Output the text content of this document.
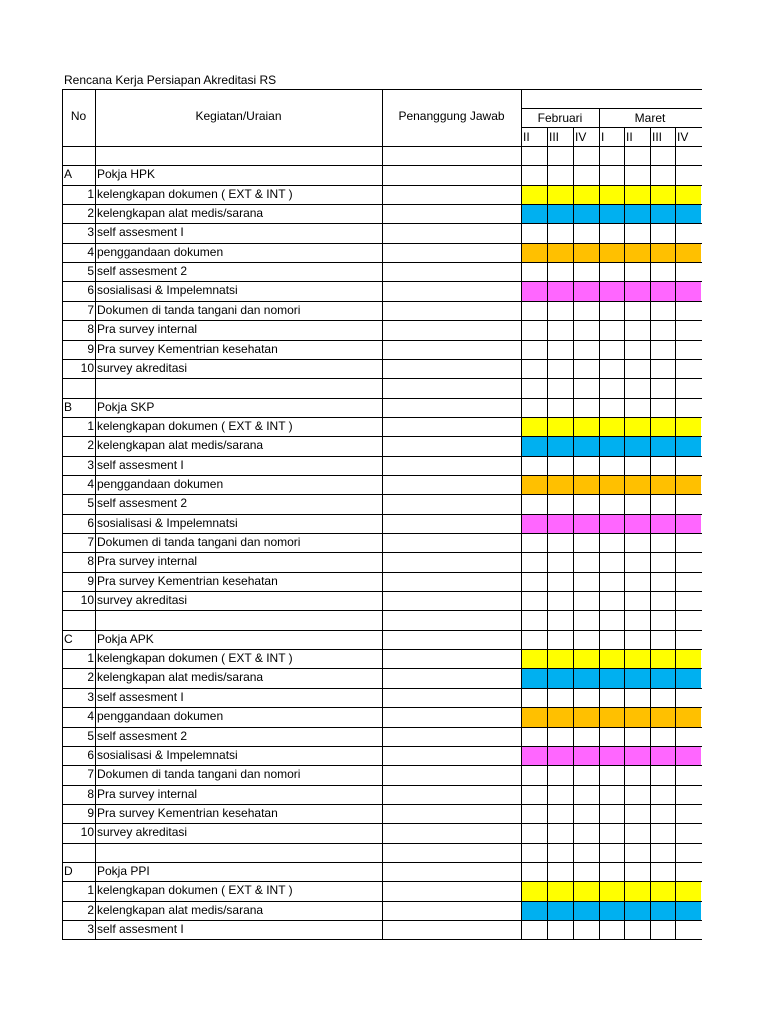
Rencana Kerja Persiapan Akreditasi RS
No	Kegiatan/Uraian	Penanggung Jawab	Februari	Maret
II	III	IV	I	II	III	IV
A	Pokja HPK
1 kelengkapan dokumen ( EXT & INT )
2 kelengkapan alat medis/sarana
3 self assesment I
4 penggandaan dokumen
5 self assesment 2
6 sosialisasi & Impelemnatsi
7 Dokumen di tanda tangani dan nomori
8 Pra survey internal
9 Pra survey Kementrian kesehatan
10 survey akreditasi
B	Pokja SKP
1 kelengkapan dokumen ( EXT & INT )
2 kelengkapan alat medis/sarana
3 self assesment I
4 penggandaan dokumen
5 self assesment 2
6 sosialisasi & Impelemnatsi
7 Dokumen di tanda tangani dan nomori
8 Pra survey internal
9 Pra survey Kementrian kesehatan
10 survey akreditasi
C	Pokja APK
1 kelengkapan dokumen ( EXT & INT )
2 kelengkapan alat medis/sarana
3 self assesment I
4 penggandaan dokumen
5 self assesment 2
6 sosialisasi & Impelemnatsi
7 Dokumen di tanda tangani dan nomori
8 Pra survey internal
9 Pra survey Kementrian kesehatan
10 survey akreditasi
D	Pokja PPI
1 kelengkapan dokumen ( EXT & INT )
2 kelengkapan alat medis/sarana
3 self assesment I
